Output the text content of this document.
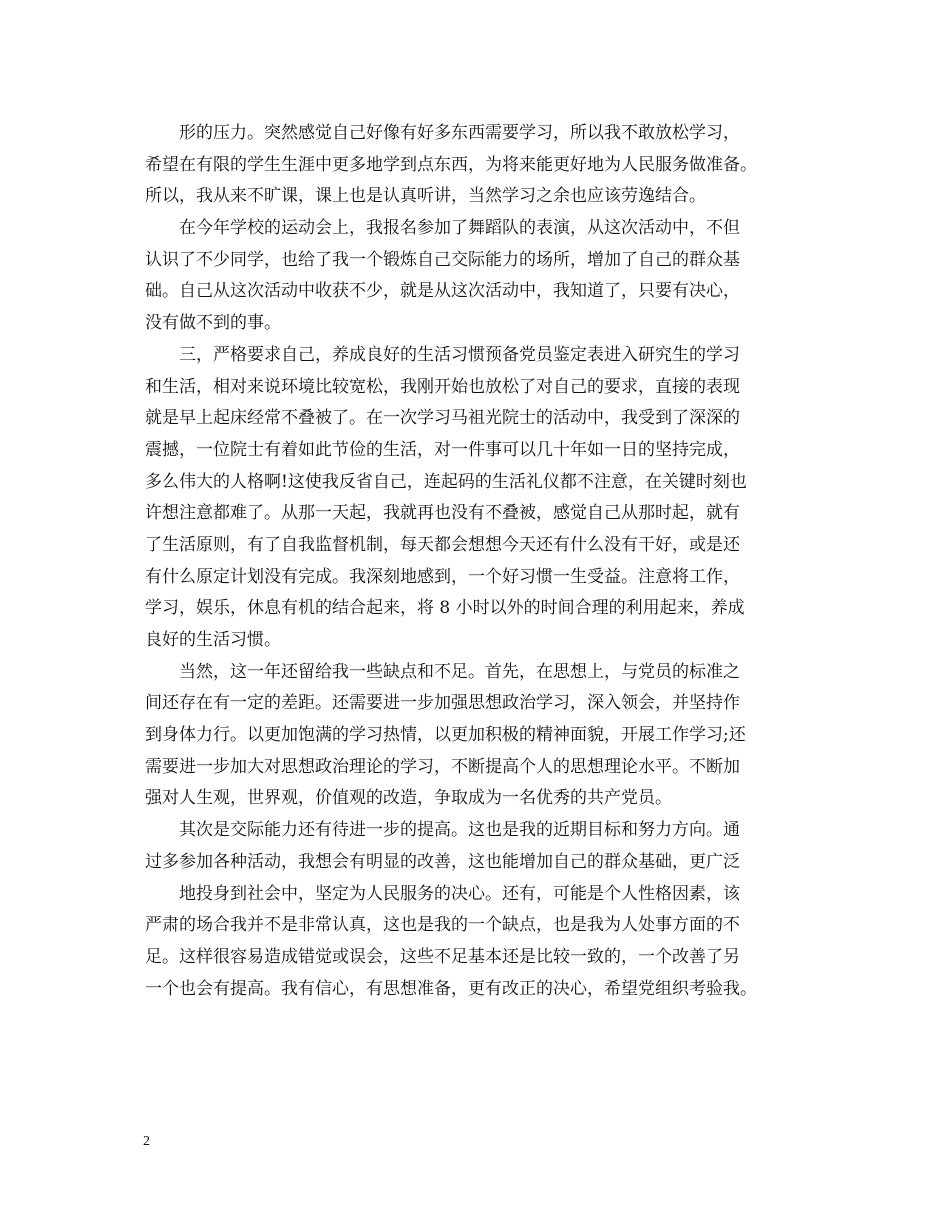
形的压力。突然感觉自己好像有好多东西需要学习，所以我不敢放松学习，
希望在有限的学生生涯中更多地学到点东西，为将来能更好地为人民服务做准备。
所以，我从来不旷课，课上也是认真听讲，当然学习之余也应该劳逸结合。
在今年学校的运动会上，我报名参加了舞蹈队的表演，从这次活动中，不但
认识了不少同学，也给了我一个锻炼自己交际能力的场所，增加了自己的群众基
础。自己从这次活动中收获不少，就是从这次活动中，我知道了，只要有决心，
没有做不到的事。
三，严格要求自己，养成良好的生活习惯预备党员鉴定表进入研究生的学习
和生活，相对来说环境比较宽松，我刚开始也放松了对自己的要求，直接的表现
就是早上起床经常不叠被了。在一次学习马祖光院士的活动中，我受到了深深的
震撼，一位院士有着如此节俭的生活，对一件事可以几十年如一日的坚持完成，
多么伟大的人格啊!这使我反省自己，连起码的生活礼仪都不注意，在关键时刻也
许想注意都难了。从那一天起，我就再也没有不叠被，感觉自己从那时起，就有
了生活原则，有了自我监督机制，每天都会想想今天还有什么没有干好，或是还
有什么原定计划没有完成。我深刻地感到，一个好习惯一生受益。注意将工作，
学习，娱乐，休息有机的结合起来，将 8 小时以外的时间合理的利用起来，养成
良好的生活习惯。
当然，这一年还留给我一些缺点和不足。首先，在思想上，与党员的标准之
间还存在有一定的差距。还需要进一步加强思想政治学习，深入领会，并坚持作
到身体力行。以更加饱满的学习热情，以更加积极的精神面貌，开展工作学习;还
需要进一步加大对思想政治理论的学习，不断提高个人的思想理论水平。不断加
强对人生观，世界观，价值观的改造，争取成为一名优秀的共产党员。
其次是交际能力还有待进一步的提高。这也是我的近期目标和努力方向。通
过多参加各种活动，我想会有明显的改善，这也能增加自己的群众基础，更广泛
地投身到社会中，坚定为人民服务的决心。还有，可能是个人性格因素，该
严肃的场合我并不是非常认真，这也是我的一个缺点，也是我为人处事方面的不
足。这样很容易造成错觉或误会，这些不足基本还是比较一致的，一个改善了另
一个也会有提高。我有信心，有思想准备，更有改正的决心，希望党组织考验我。
2
